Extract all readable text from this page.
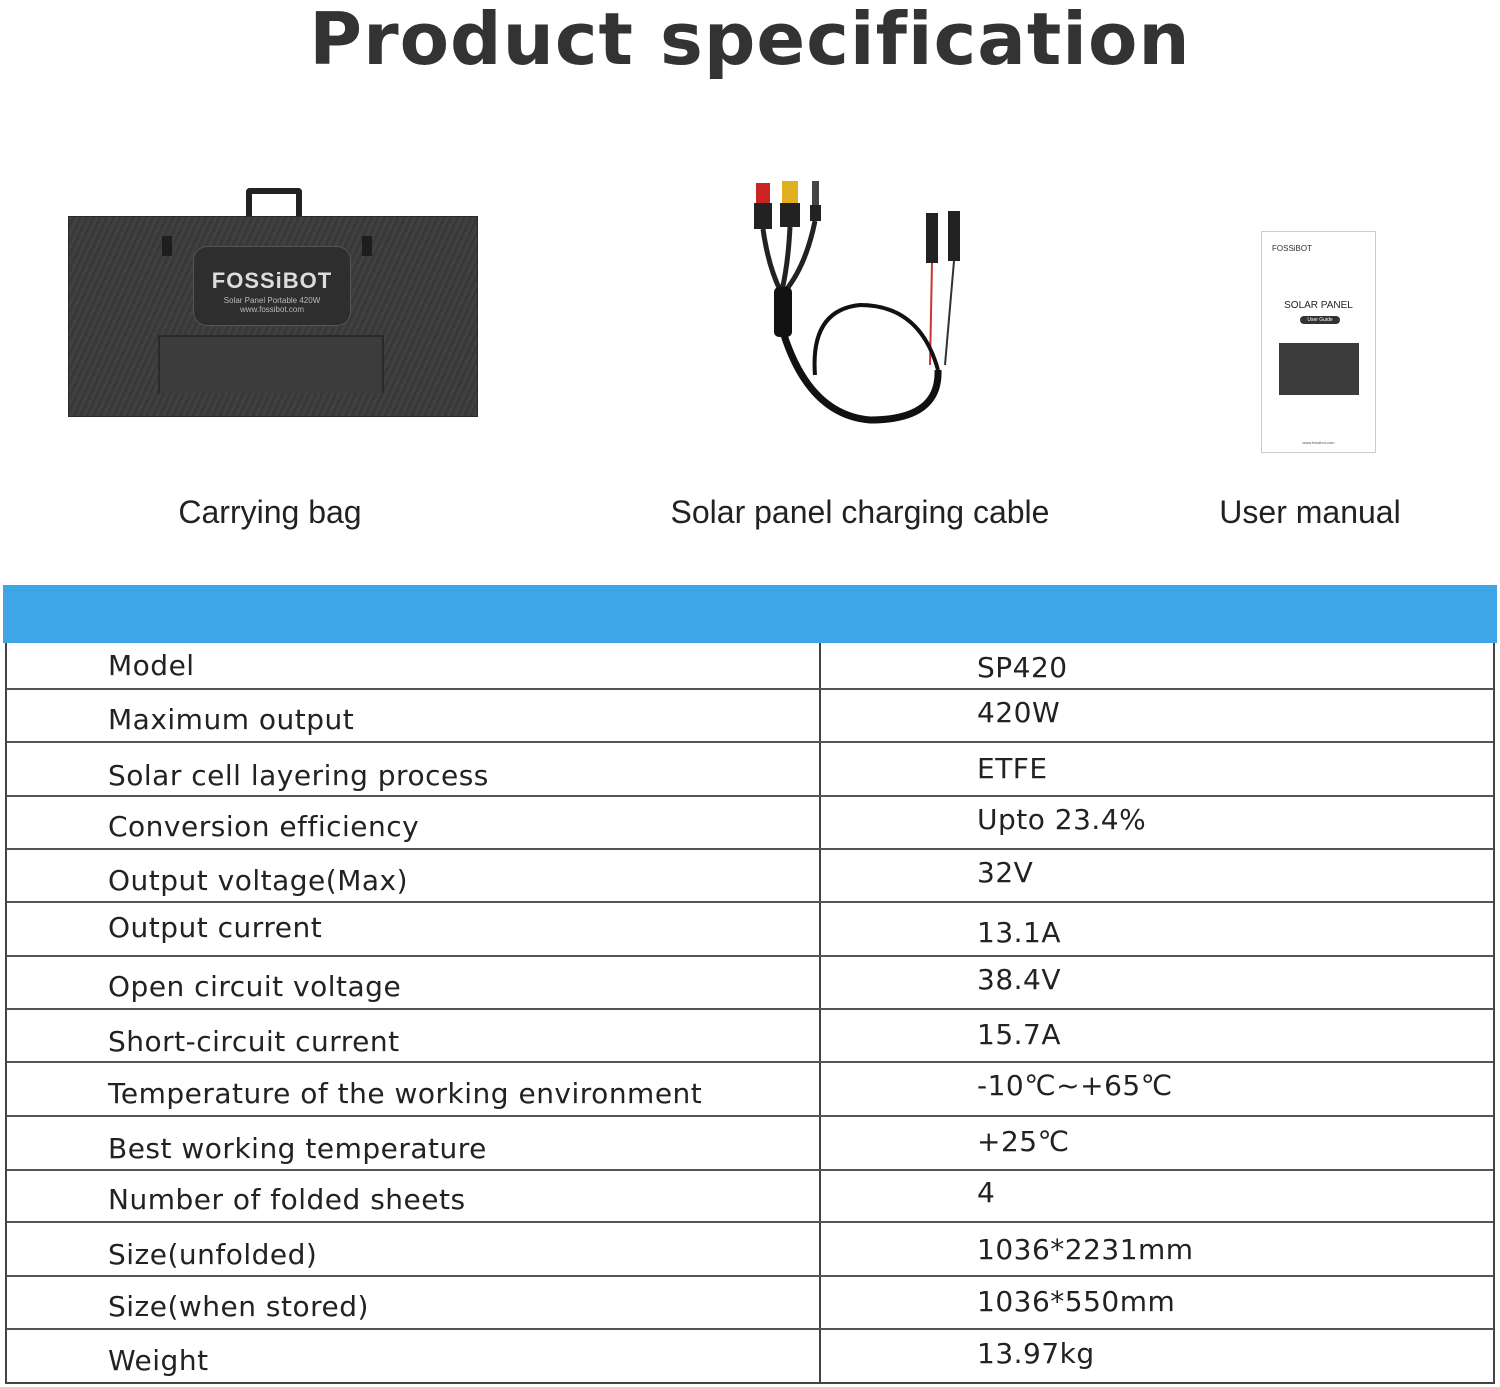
Product specification
FOSSiBOT
Solar Panel Portable 420W
www.fossibot.com
Carrying bag	Solar panel charging cable
FOSSiBOT
SOLAR PANEL
User Guide
www.fossibot.com
User manual
Model	SP420
Maximum output	420W
Solar cell layering process	ETFE
Conversion efficiency	Upto 23.4%
Output voltage(Max)	32V
Output current	13.1A
Open circuit voltage	38.4V
Short-circuit current	15.7A
Temperature of the working environment	-10℃~+65℃
Best working temperature	+25℃
Number of folded sheets	4
Size(unfolded)	1036*2231mm
Size(when stored)	1036*550mm
Weight	13.97kg
